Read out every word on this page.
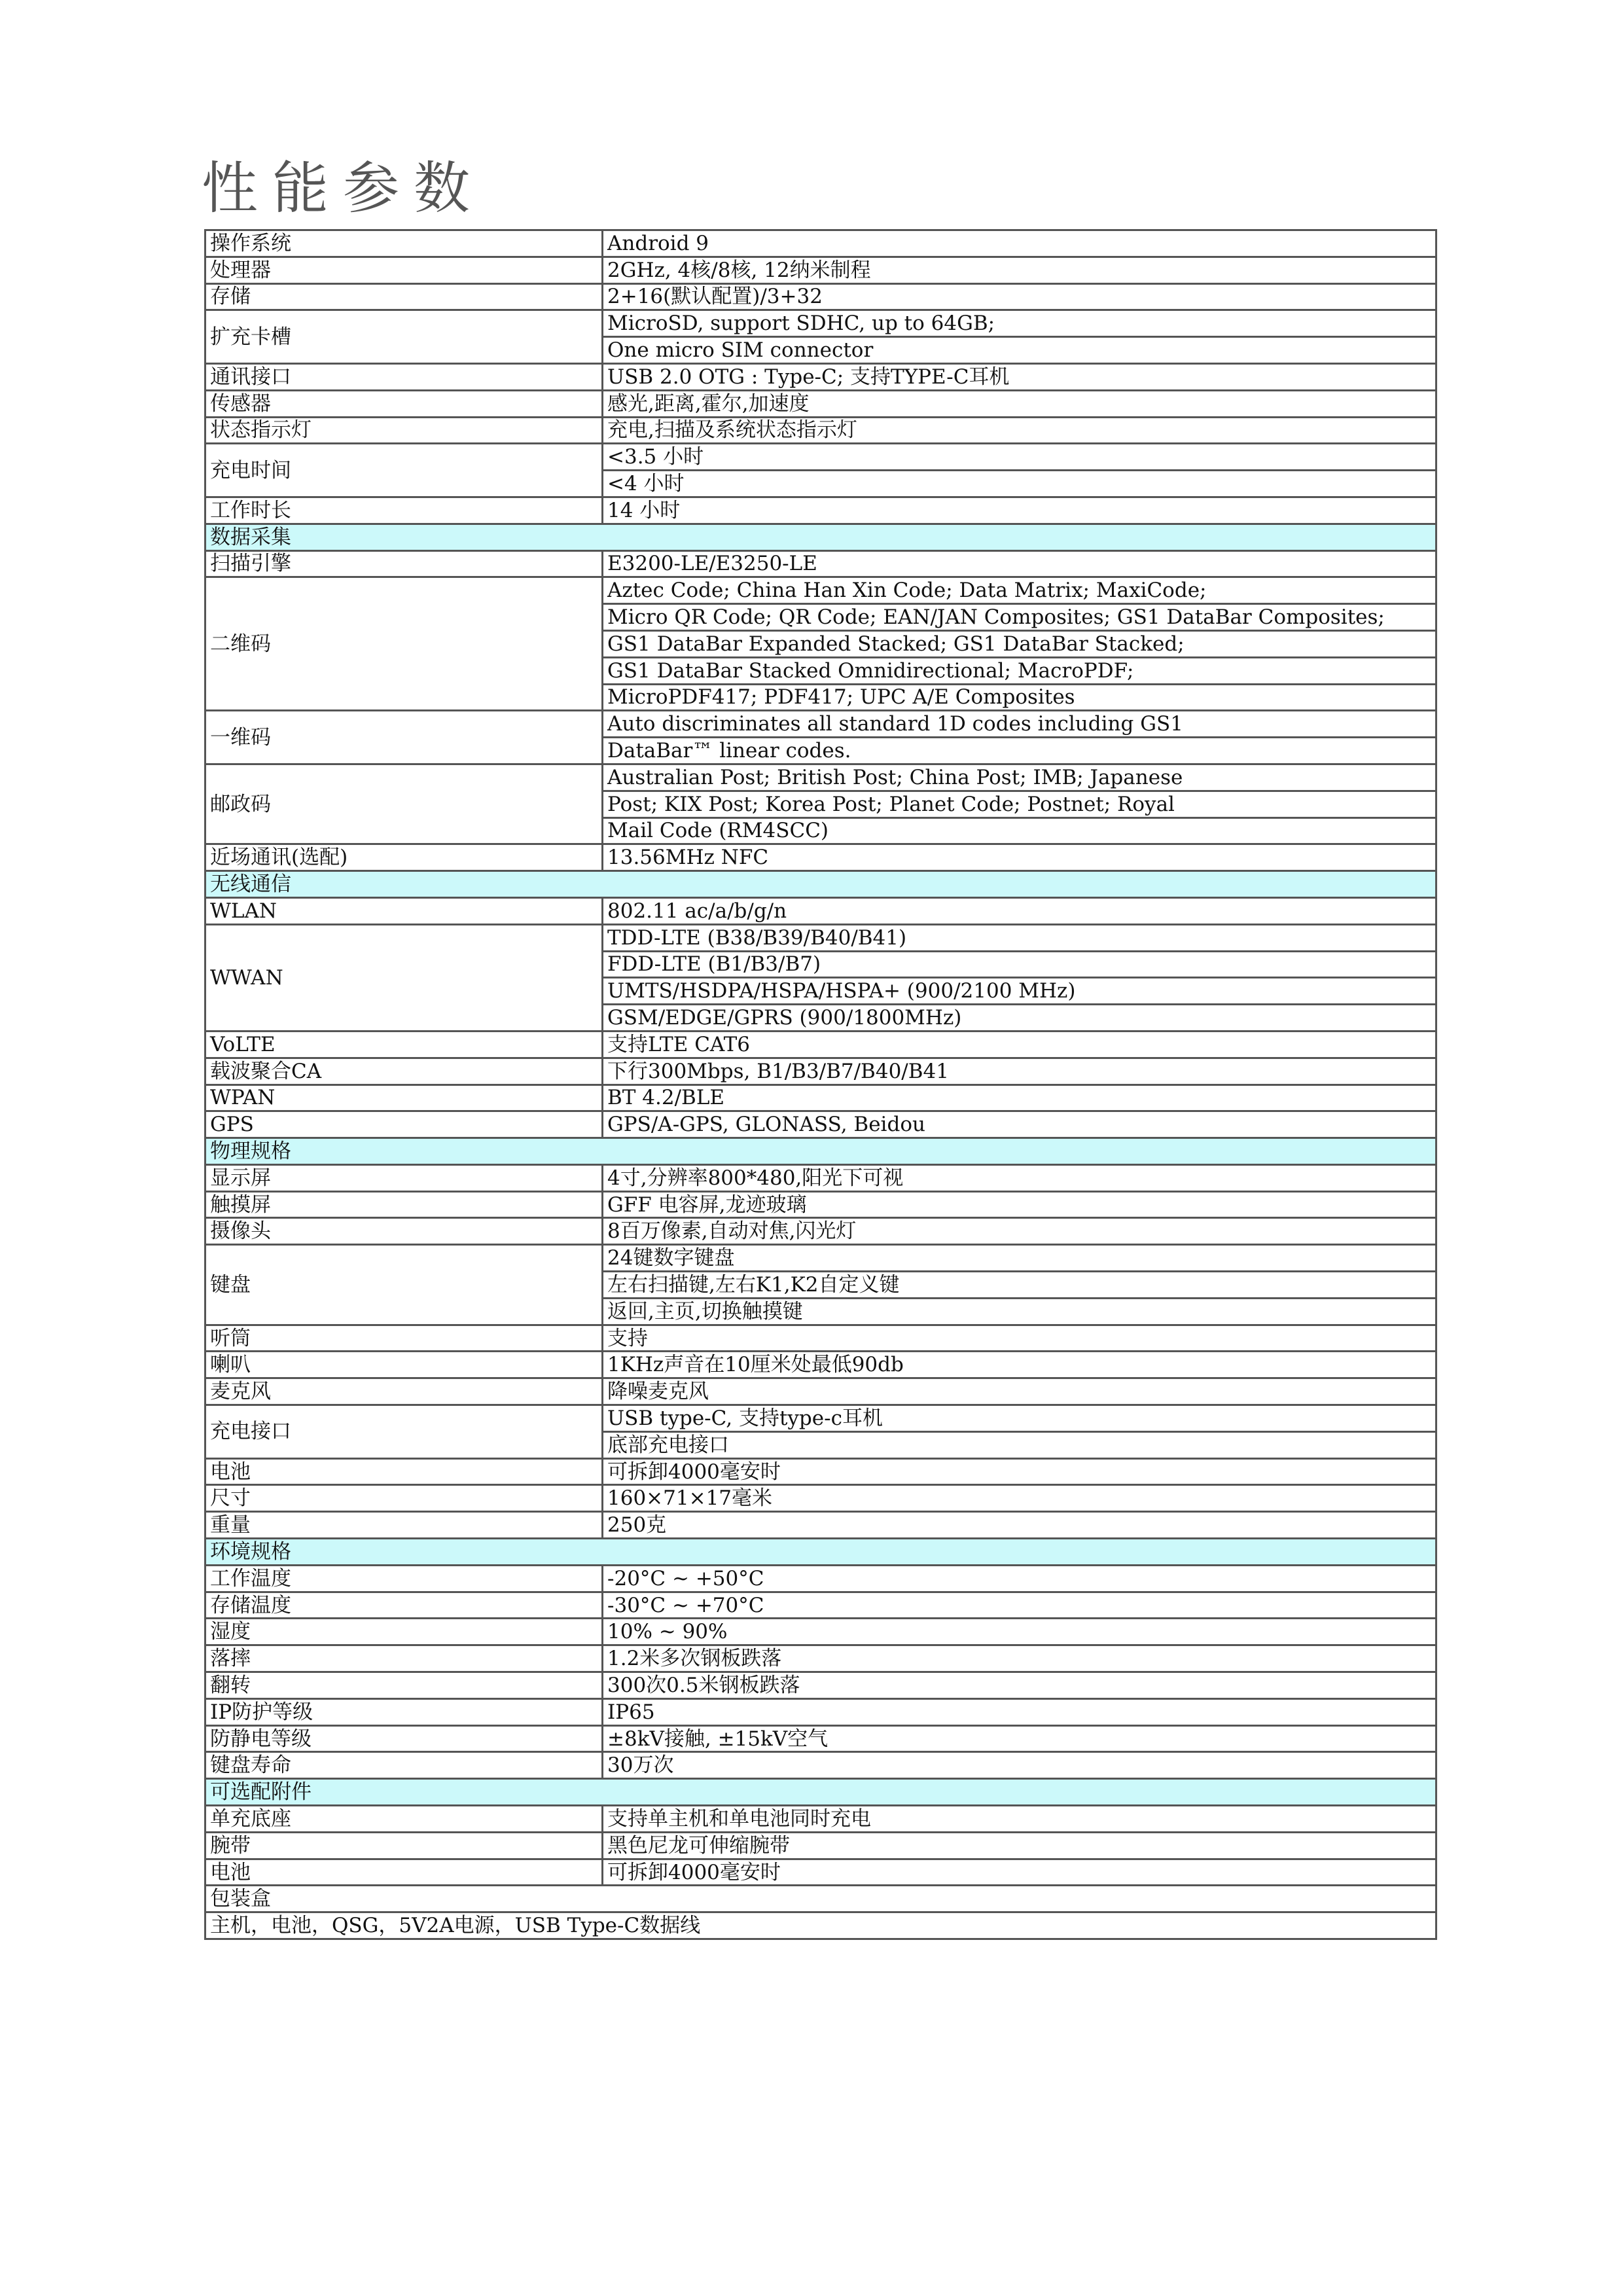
性能参数
操作系统	Android 9
处理器	2GHz, 4核/8核, 12纳米制程
存储	2+16(默认配置)/3+32
扩充卡槽	MicroSD, support SDHC, up to 64GB;
	One micro SIM connector
通讯接口	USB 2.0 OTG : Type-C; 支持TYPE-C耳机
传感器	感光,距离,霍尔,加速度
状态指示灯	充电,扫描及系统状态指示灯
充电时间	<3.5 小时
	<4 小时
工作时长	14 小时
数据采集	
扫描引擎	E3200-LE/E3250-LE
二维码	Aztec Code; China Han Xin Code; Data Matrix; MaxiCode;
	Micro QR Code; QR Code; EAN/JAN Composites; GS1 DataBar Composites;
	GS1 DataBar Expanded Stacked; GS1 DataBar Stacked;
	GS1 DataBar Stacked Omnidirectional; MacroPDF;
	MicroPDF417; PDF417; UPC A/E Composites
一维码	Auto discriminates all standard 1D codes including GS1
	DataBar™ linear codes.
邮政码	Australian Post; British Post; China Post; IMB; Japanese
	Post; KIX Post; Korea Post; Planet Code; Postnet; Royal
	Mail Code (RM4SCC)
近场通讯(选配)	13.56MHz NFC
无线通信	
WLAN	802.11 ac/a/b/g/n
WWAN	TDD-LTE (B38/B39/B40/B41)
	FDD-LTE (B1/B3/B7)
	UMTS/HSDPA/HSPA/HSPA+ (900/2100 MHz)
	GSM/EDGE/GPRS (900/1800MHz)
VoLTE	支持LTE CAT6
载波聚合CA	下行300Mbps, B1/B3/B7/B40/B41
WPAN	BT 4.2/BLE
GPS	GPS/A-GPS, GLONASS, Beidou
物理规格	
显示屏	4寸,分辨率800*480,阳光下可视
触摸屏	GFF 电容屏,龙迹玻璃
摄像头	8百万像素,自动对焦,闪光灯
键盘	24键数字键盘
	左右扫描键,左右K1,K2自定义键
	返回,主页,切换触摸键
听筒	支持
喇叭	1KHz声音在10厘米处最低90db
麦克风	降噪麦克风
充电接口	USB type-C, 支持type-c耳机
	底部充电接口
电池	可拆卸4000毫安时
尺寸	160×71×17毫米
重量	250克
环境规格	
工作温度	-20°C ~ +50°C
存储温度	-30°C ~ +70°C
湿度	10% ~ 90%
落摔	1.2米多次钢板跌落
翻转	300次0.5米钢板跌落
IP防护等级	IP65
防静电等级	±8kV接触, ±15kV空气
键盘寿命	30万次
可选配附件	
单充底座	支持单主机和单电池同时充电
腕带	黑色尼龙可伸缩腕带
电池	可拆卸4000毫安时
包装盒	
主机，电池，QSG，5V2A电源，USB Type-C数据线	
